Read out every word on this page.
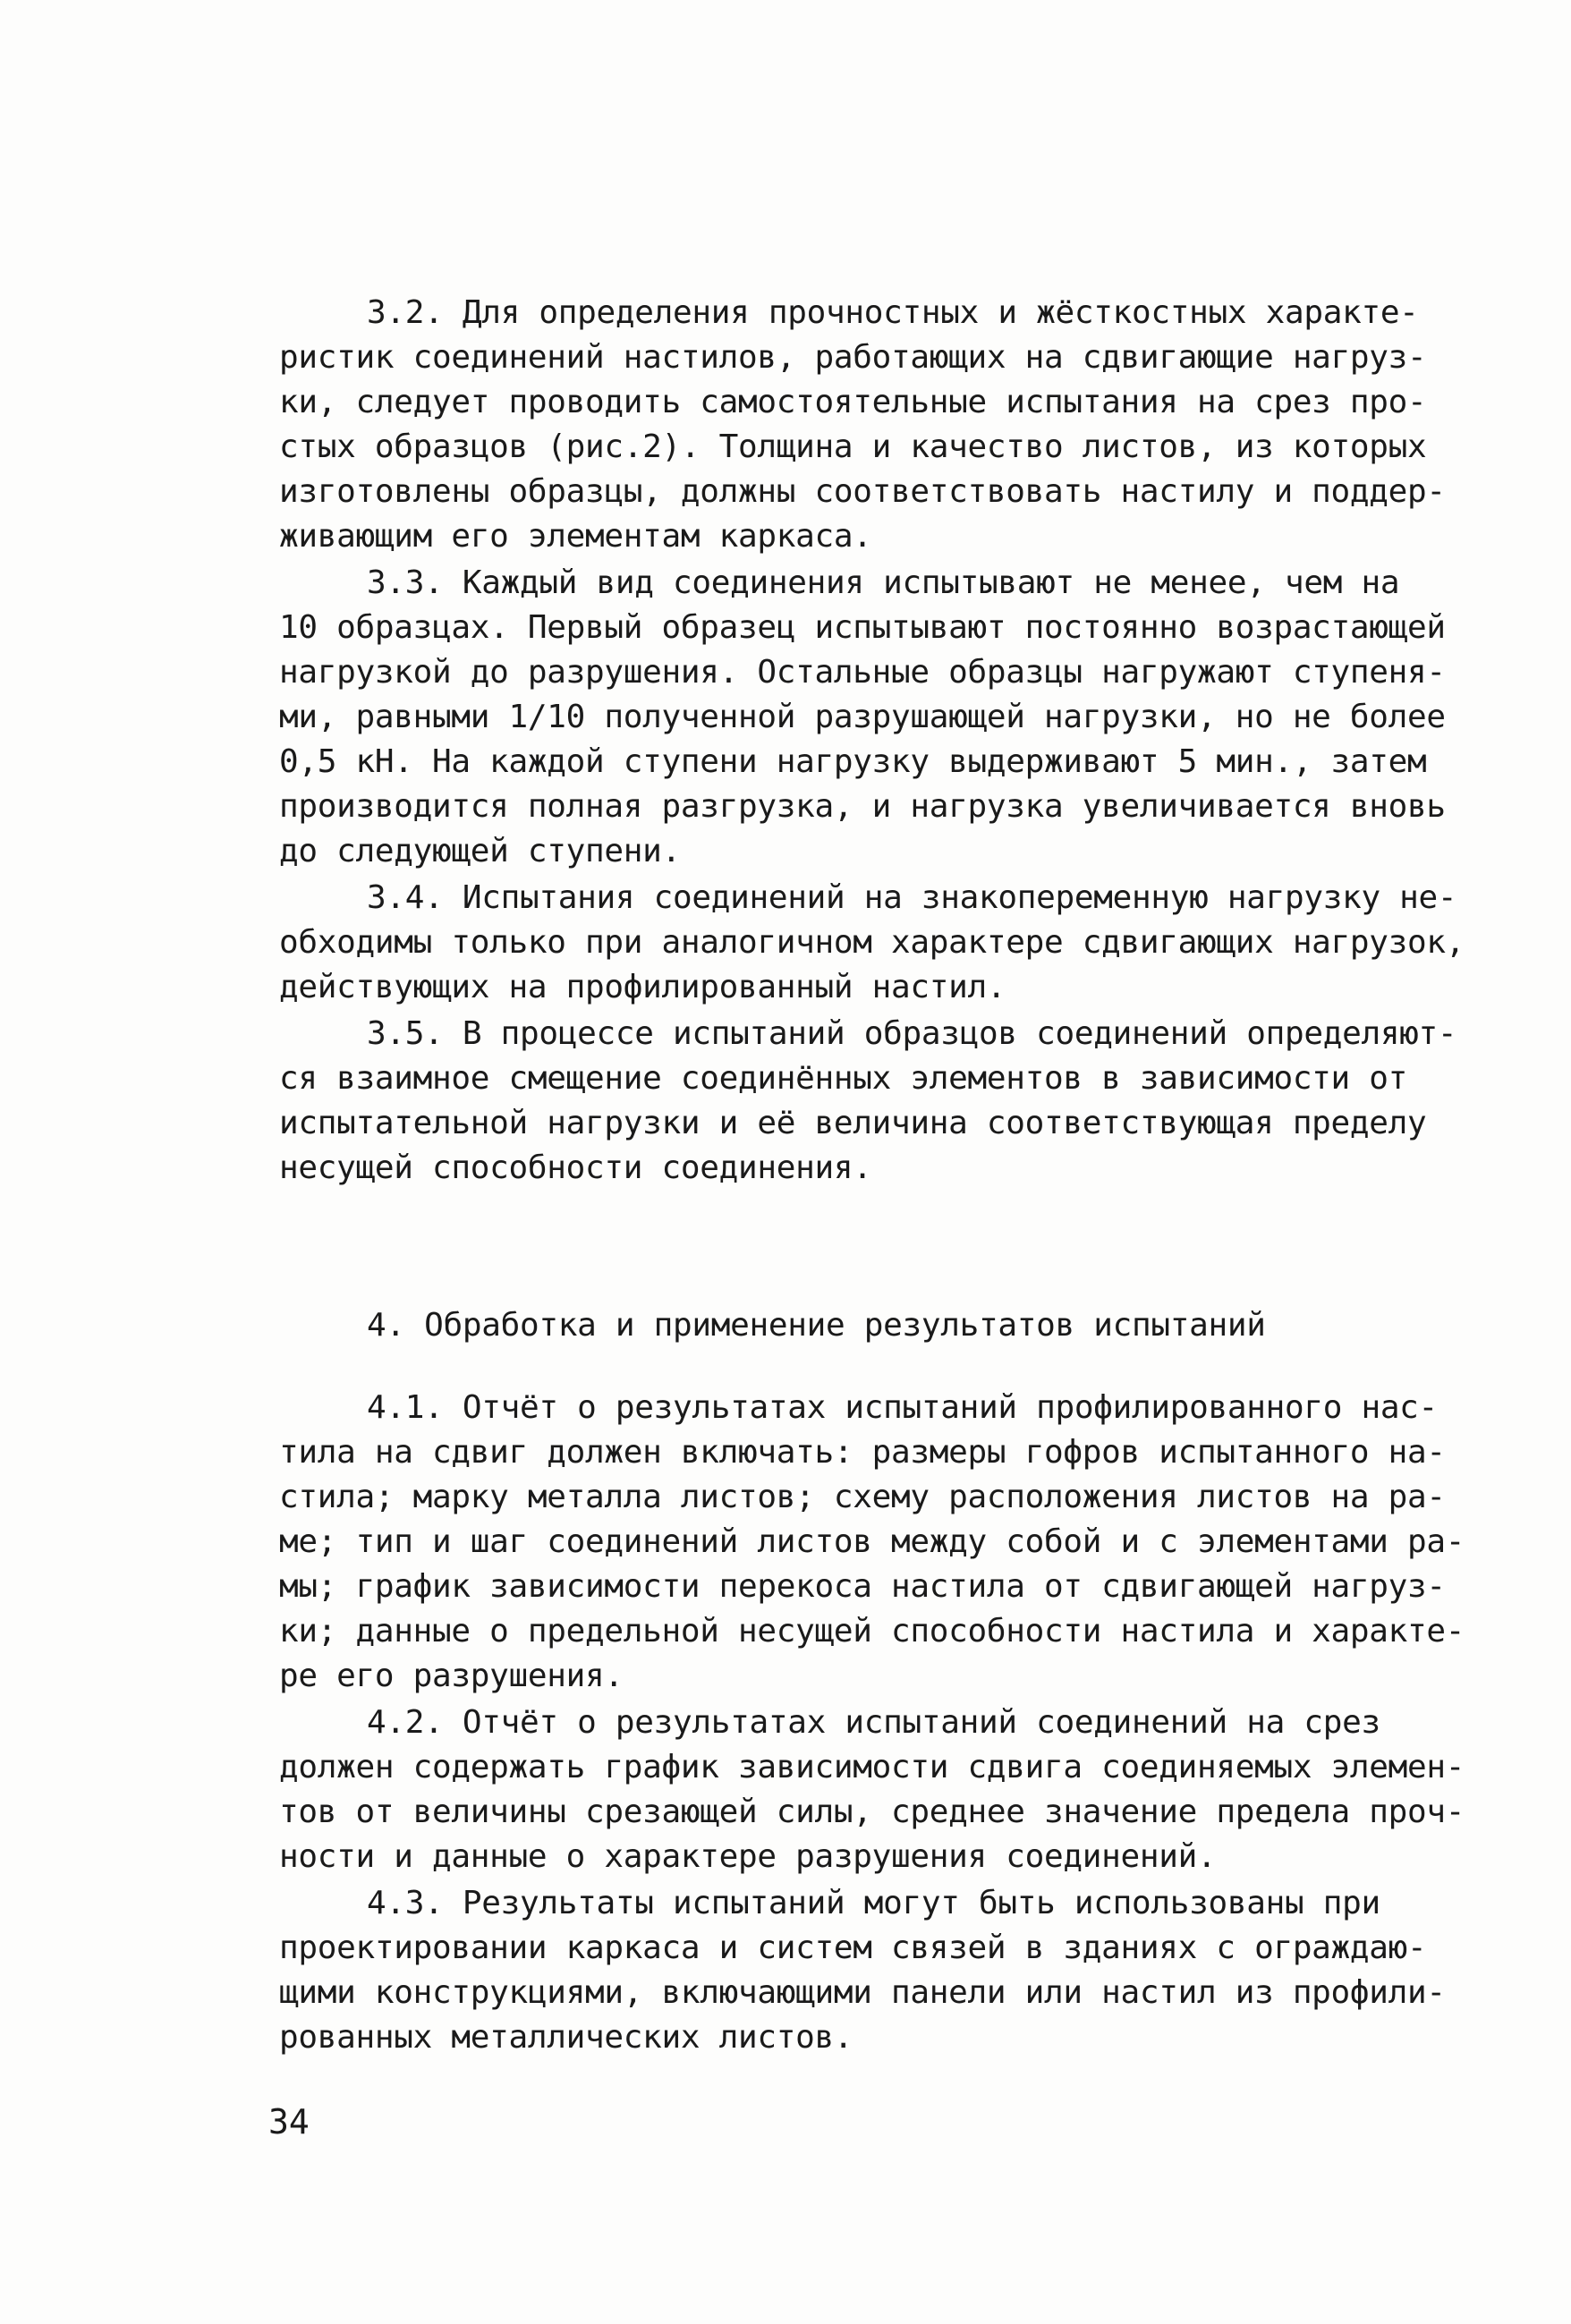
3.2. Для определения прочностных и жёсткостных характе-

ристик соединений настилов, работающих на сдвигающие нагруз-

ки, следует проводить самостоятельные испытания на срез про-

стых образцов (рис.2). Толщина и качество листов, из которых

изготовлены образцы, должны соответствовать настилу и поддер-

живающим его элементам каркаса.

3.3. Каждый вид соединения испытывают не менее, чем на

10 образцах. Первый образец испытывают постоянно возрастающей

нагрузкой до разрушения. Остальные образцы нагружают ступеня-

ми, равными 1/10 полученной разрушающей нагрузки, но не более

0,5 кН. На каждой ступени нагрузку выдерживают 5 мин., затем

производится полная разгрузка, и нагрузка увеличивается вновь

до следующей ступени.

3.4. Испытания соединений на знакопеременную нагрузку не-

обходимы только при аналогичном характере сдвигающих нагрузок,

действующих на профилированный настил.

3.5. В процессе испытаний образцов соединений определяют-

ся взаимное смещение соединённых элементов в зависимости от

испытательной нагрузки и её величина соответствующая пределу

несущей способности соединения.

4. Обработка и применение результатов испытаний

4.1. Отчёт о результатах испытаний профилированного нас-

тила на сдвиг должен включать: размеры гофров испытанного на-

стила; марку металла листов; схему расположения листов на ра-

ме; тип и шаг соединений листов между собой и с элементами ра-

мы; график зависимости перекоса настила от сдвигающей нагруз-

ки; данные о предельной несущей способности настила и характе-

ре его разрушения.

4.2. Отчёт о результатах испытаний соединений на срез

должен содержать график зависимости сдвига соединяемых элемен-

тов от величины срезающей силы, среднее значение предела проч-

ности и данные о характере разрушения соединений.

4.3. Результаты испытаний могут быть использованы при

проектировании каркаса и систем связей в зданиях с ограждаю-

щими конструкциями, включающими панели или настил из профили-

рованных металлических листов.

34
